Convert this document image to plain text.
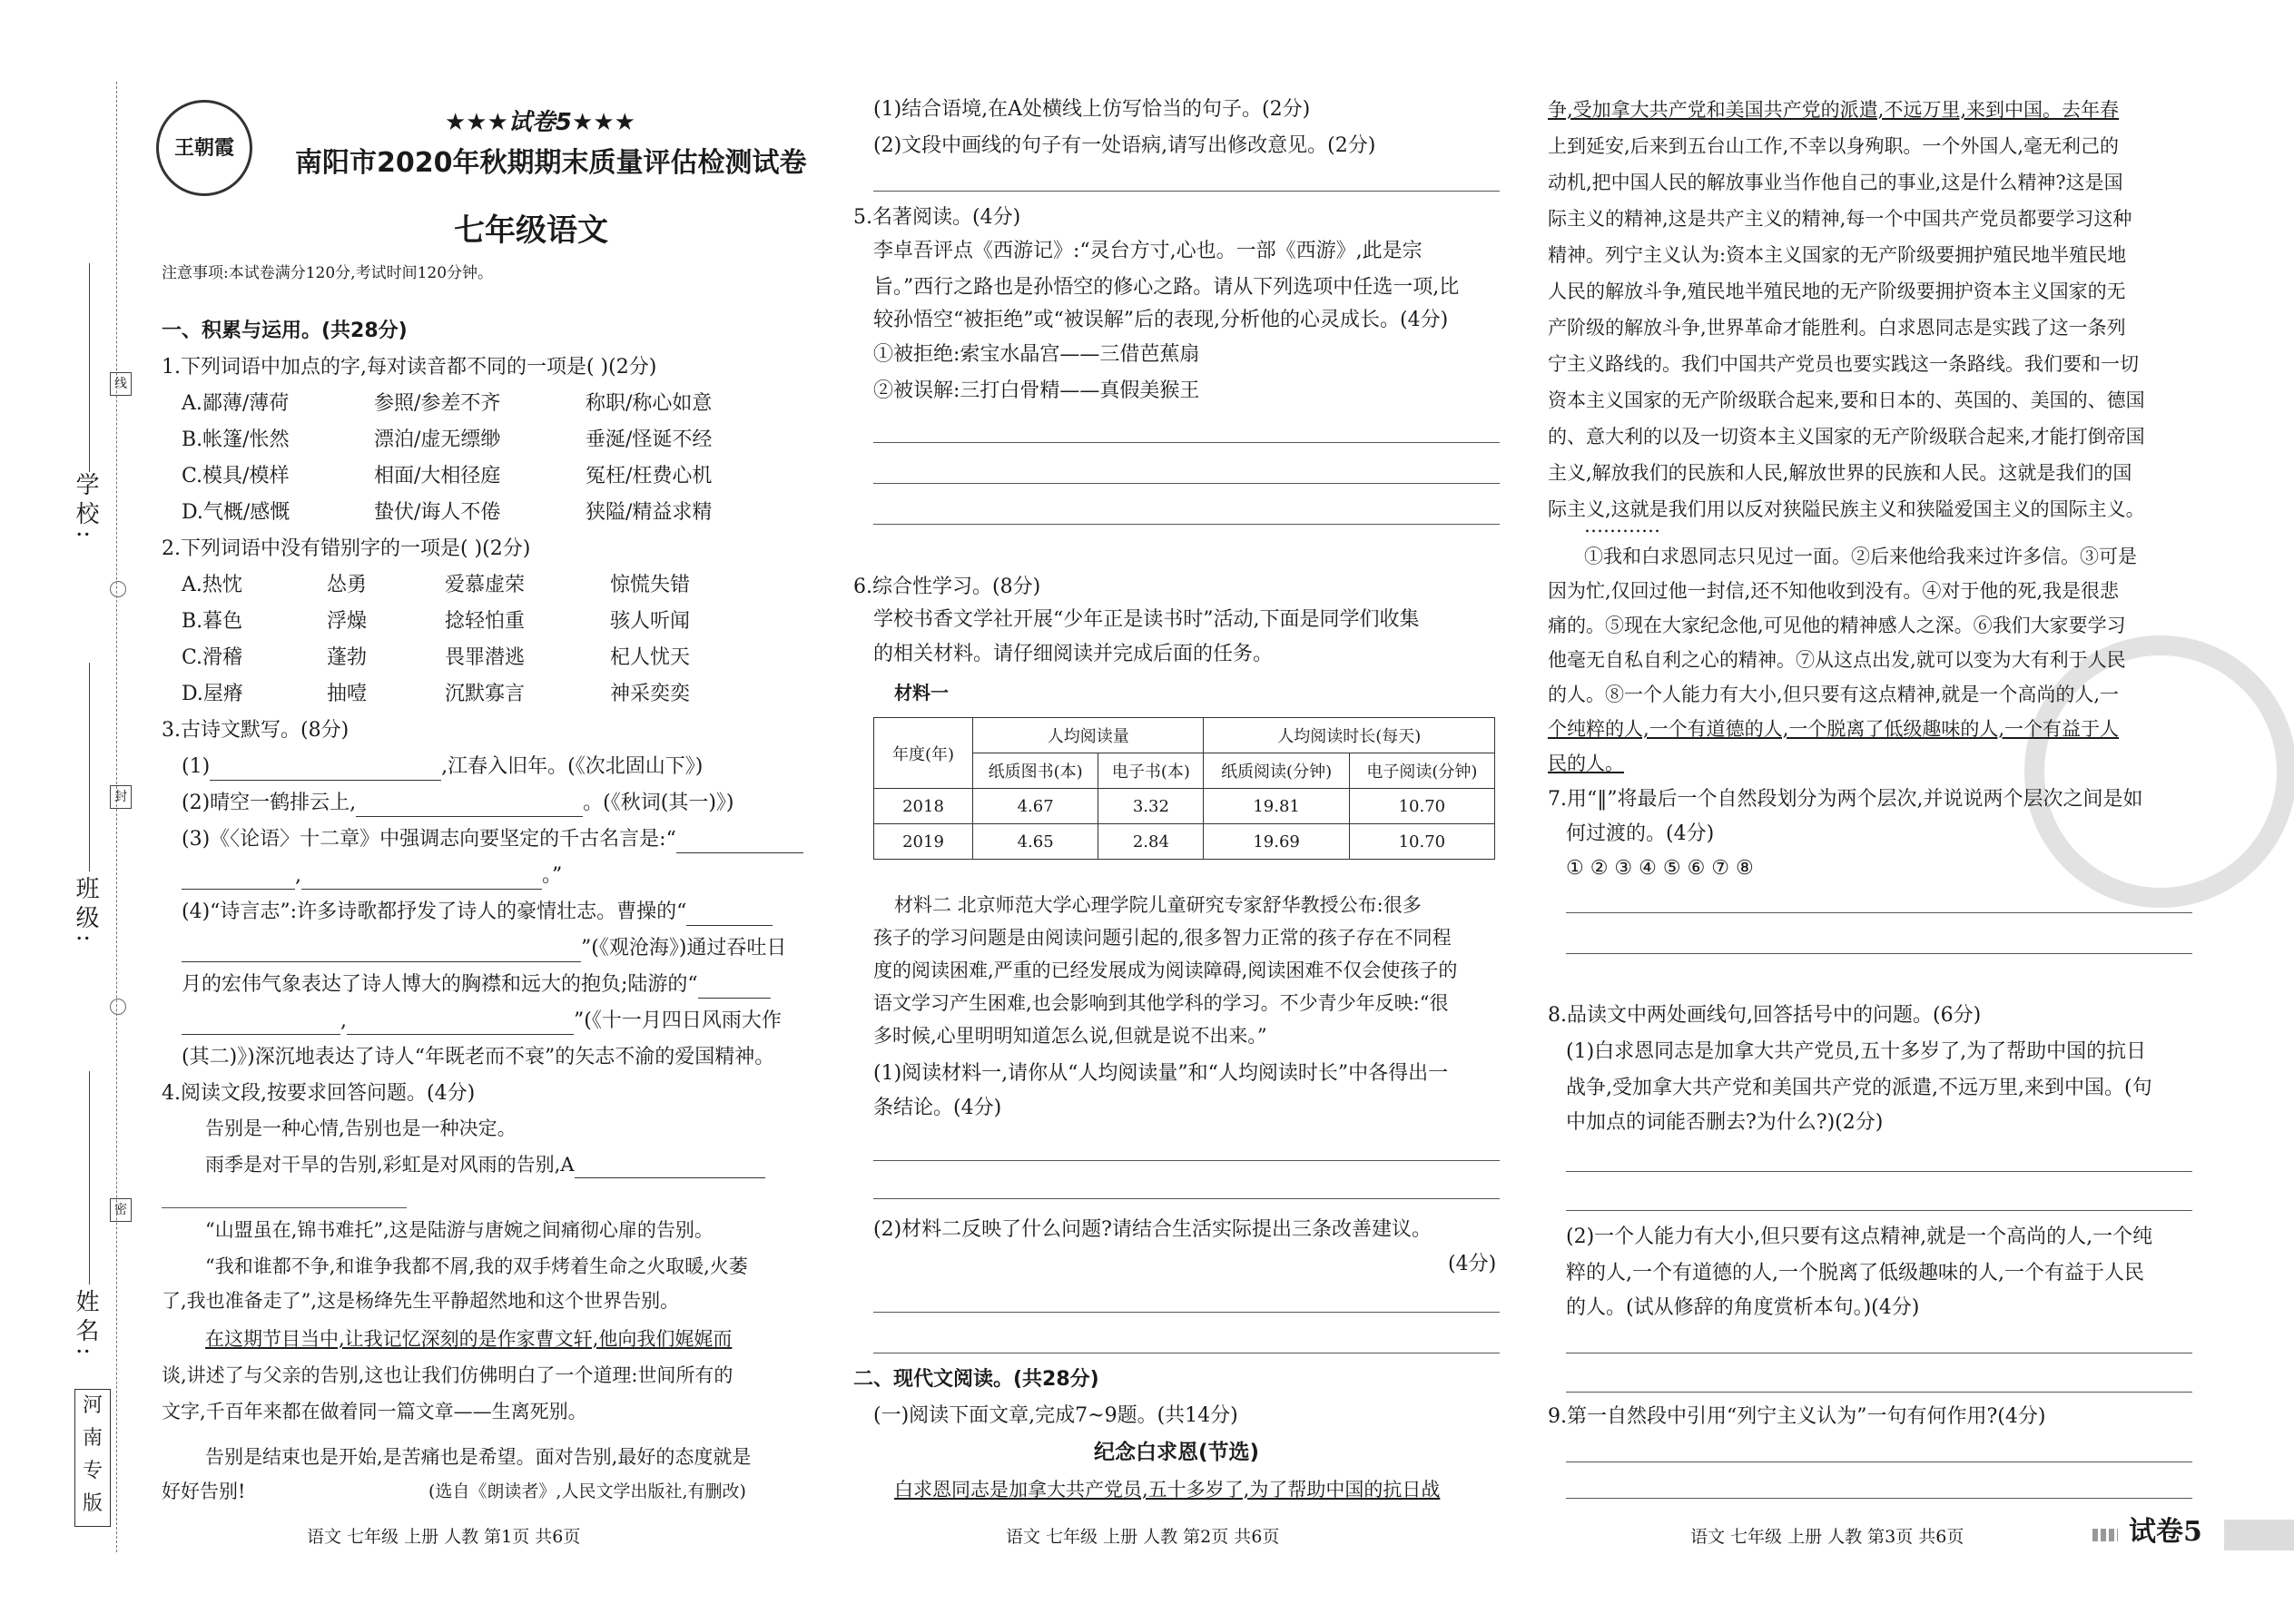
学校:
班级:
姓名:
线
封
密
河
南
专
版
王朝霞
★★★试卷5★★★
南阳市2020年秋期期末质量评估检测试卷
七年级语文
注意事项:本试卷满分120分,考试时间120分钟。
一、积累与运用。(共28分)
1.下列词语中加点的字,每对读音都不同的一项是( )(2分)
A.鄙薄/薄荷	参照/参差不齐	称职/称心如意
B.帐篷/怅然	漂泊/虚无缥缈	垂涎/怪诞不经
C.模具/模样	相面/大相径庭	冤枉/枉费心机
D.气概/感慨	蛰伏/诲人不倦	狭隘/精益求精
2.下列词语中没有错别字的一项是( )(2分)
A.热忱	怂勇	爱慕虚荣	惊慌失错
B.暮色	浮燥	捻轻怕重	骇人听闻
C.滑稽	蓬勃	畏罪潜逃	杞人忧天
D.屋瘠	抽噎	沉默寡言	神采奕奕
3.古诗文默写。(8分)
(1)	,江春入旧年。(《次北固山下》)
(2)晴空一鹤排云上,	。(《秋词(其一)》)
(3)《〈论语〉十二章》中强调志向要坚定的千古名言是:“
,	。”
(4)“诗言志”:许多诗歌都抒发了诗人的豪情壮志。曹操的“
”(《观沧海》)通过吞吐日
月的宏伟气象表达了诗人博大的胸襟和远大的抱负;陆游的“
,	”(《十一月四日风雨大作
(其二)》)深沉地表达了诗人“年既老而不衰”的矢志不渝的爱国精神。
4.阅读文段,按要求回答问题。(4分)
告别是一种心情,告别也是一种决定。
雨季是对干旱的告别,彩虹是对风雨的告别,A
“山盟虽在,锦书难托”,这是陆游与唐婉之间痛彻心扉的告别。
“我和谁都不争,和谁争我都不屑,我的双手烤着生命之火取暖,火萎
了,我也准备走了”,这是杨绛先生平静超然地和这个世界告别。
在这期节目当中,让我记忆深刻的是作家曹文轩,他向我们娓娓而
谈,讲述了与父亲的告别,这也让我们仿佛明白了一个道理:世间所有的
文字,千百年来都在做着同一篇文章——生离死别。
告别是结束也是开始,是苦痛也是希望。面对告别,最好的态度就是
好好告别!	(选自《朗读者》,人民文学出版社,有删改)
语文 七年级 上册 人教 第1页 共6页
(1)结合语境,在A处横线上仿写恰当的句子。(2分)
(2)文段中画线的句子有一处语病,请写出修改意见。(2分)
5.名著阅读。(4分)
李卓吾评点《西游记》:“灵台方寸,心也。一部《西游》,此是宗
旨。”西行之路也是孙悟空的修心之路。请从下列选项中任选一项,比
较孙悟空“被拒绝”或“被误解”后的表现,分析他的心灵成长。(4分)
①被拒绝:索宝水晶宫——三借芭蕉扇
②被误解:三打白骨精——真假美猴王
6.综合性学习。(8分)
学校书香文学社开展“少年正是读书时”活动,下面是同学们收集
的相关材料。请仔细阅读并完成后面的任务。
材料一
年度(年)	人均阅读量		人均阅读时长(每天)	
	纸质图书(本)	电子书(本)	纸质阅读(分钟)	电子阅读(分钟)
2018	4.67	3.32	19.81	10.70
2019	4.65	2.84	19.69	10.70
材料二 北京师范大学心理学院儿童研究专家舒华教授公布:很多
孩子的学习问题是由阅读问题引起的,很多智力正常的孩子存在不同程
度的阅读困难,严重的已经发展成为阅读障碍,阅读困难不仅会使孩子的
语文学习产生困难,也会影响到其他学科的学习。不少青少年反映:“很
多时候,心里明明知道怎么说,但就是说不出来。”
(1)阅读材料一,请你从“人均阅读量”和“人均阅读时长”中各得出一
条结论。(4分)
(2)材料二反映了什么问题?请结合生活实际提出三条改善建议。
(4分)
二、现代文阅读。(共28分)
(一)阅读下面文章,完成7~9题。(共14分)
纪念白求恩(节选)
白求恩同志是加拿大共产党员,五十多岁了,为了帮助中国的抗日战
语文 七年级 上册 人教 第2页 共6页
争,受加拿大共产党和美国共产党的派遣,不远万里,来到中国。去年春
上到延安,后来到五台山工作,不幸以身殉职。一个外国人,毫无利己的
动机,把中国人民的解放事业当作他自己的事业,这是什么精神?这是国
际主义的精神,这是共产主义的精神,每一个中国共产党员都要学习这种
精神。列宁主义认为:资本主义国家的无产阶级要拥护殖民地半殖民地
人民的解放斗争,殖民地半殖民地的无产阶级要拥护资本主义国家的无
产阶级的解放斗争,世界革命才能胜利。白求恩同志是实践了这一条列
宁主义路线的。我们中国共产党员也要实践这一条路线。我们要和一切
资本主义国家的无产阶级联合起来,要和日本的、英国的、美国的、德国
的、意大利的以及一切资本主义国家的无产阶级联合起来,才能打倒帝国
主义,解放我们的民族和人民,解放世界的民族和人民。这就是我们的国
际主义,这就是我们用以反对狭隘民族主义和狭隘爱国主义的国际主义。
…………
①我和白求恩同志只见过一面。②后来他给我来过许多信。③可是
因为忙,仅回过他一封信,还不知他收到没有。④对于他的死,我是很悲
痛的。⑤现在大家纪念他,可见他的精神感人之深。⑥我们大家要学习
他毫无自私自利之心的精神。⑦从这点出发,就可以变为大有利于人民
的人。⑧一个人能力有大小,但只要有这点精神,就是一个高尚的人,一
个纯粹的人,一个有道德的人,一个脱离了低级趣味的人,一个有益于人
民的人。
7.用“‖”将最后一个自然段划分为两个层次,并说说两个层次之间是如
何过渡的。(4分)
① ② ③ ④ ⑤ ⑥ ⑦ ⑧
8.品读文中两处画线句,回答括号中的问题。(6分)
(1)白求恩同志是加拿大共产党员,五十多岁了,为了帮助中国的抗日
战争,受加拿大共产党和美国共产党的派遣,不远万里,来到中国。(句
中加点的词能否删去?为什么?)(2分)
(2)一个人能力有大小,但只要有这点精神,就是一个高尚的人,一个纯
粹的人,一个有道德的人,一个脱离了低级趣味的人,一个有益于人民
的人。(试从修辞的角度赏析本句。)(4分)
9.第一自然段中引用“列宁主义认为”一句有何作用?(4分)
语文 七年级 上册 人教 第3页 共6页	试卷5
